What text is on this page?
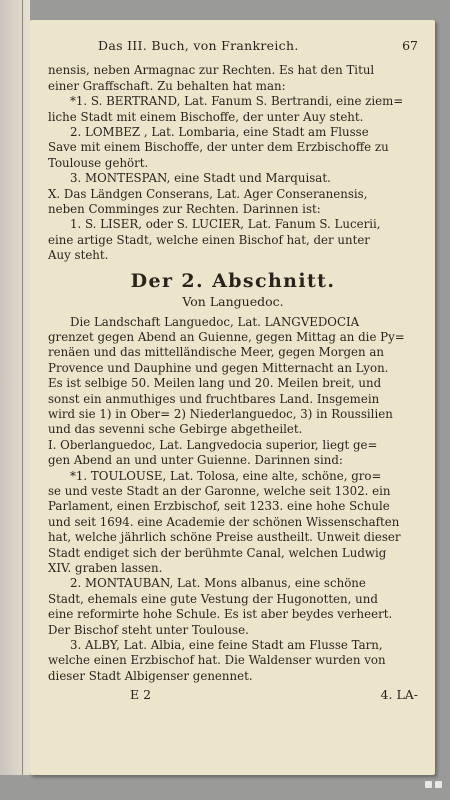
Das III. Buch, von Frankreich.	67
nensis, neben Armagnac zur Rechten. Es hat den Titul
einer Graffschaft. Zu behalten hat man:
*1. S. BERTRAND, Lat. Fanum S. Bertrandi, eine ziem=
liche Stadt mit einem Bischoffe, der unter Auy steht.
2. LOMBEZ , Lat. Lombaria, eine Stadt am Flusse
Save mit einem Bischoffe, der unter dem Erzbischoffe zu
Toulouse gehört.
3. MONTESPAN, eine Stadt und Marquisat.
X. Das Ländgen Conserans, Lat. Ager Conseranensis,
neben Comminges zur Rechten. Darinnen ist:
1. S. LISER, oder S. LUCIER, Lat. Fanum S. Lucerii,
eine artige Stadt, welche einen Bischof hat, der unter
Auy steht.
Der 2. Abschnitt.
Von Languedoc.
Die Landschaft Languedoc, Lat. LANGVEDOCIA
grenzet gegen Abend an Guienne, gegen Mittag an die Py=
renäen und das mittelländische Meer, gegen Morgen an
Provence und Dauphine und gegen Mitternacht an Lyon.
Es ist selbige 50. Meilen lang und 20. Meilen breit, und
sonst ein anmuthiges und fruchtbares Land. Insgemein
wird sie 1) in Ober= 2) Niederlanguedoc, 3) in Roussilien
und das sevenni sche Gebirge abgetheilet.
I. Oberlanguedoc, Lat. Langvedocia superior, liegt ge=
gen Abend an und unter Guienne. Darinnen sind:
*1. TOULOUSE, Lat. Tolosa, eine alte, schöne, gro=
se und veste Stadt an der Garonne, welche seit 1302. ein
Parlament, einen Erzbischof, seit 1233. eine hohe Schule
und seit 1694. eine Academie der schönen Wissenschaften
hat, welche jährlich schöne Preise austheilt. Unweit dieser
Stadt endiget sich der berühmte Canal, welchen Ludwig
XIV. graben lassen.
2. MONTAUBAN, Lat. Mons albanus, eine schöne
Stadt, ehemals eine gute Vestung der Hugonotten, und
eine reformirte hohe Schule. Es ist aber beydes verheert.
Der Bischof steht unter Toulouse.
3. ALBY, Lat. Albia, eine feine Stadt am Flusse Tarn,
welche einen Erzbischof hat. Die Waldenser wurden von
dieser Stadt Albigenser genennet.
E 2	4. LA-
